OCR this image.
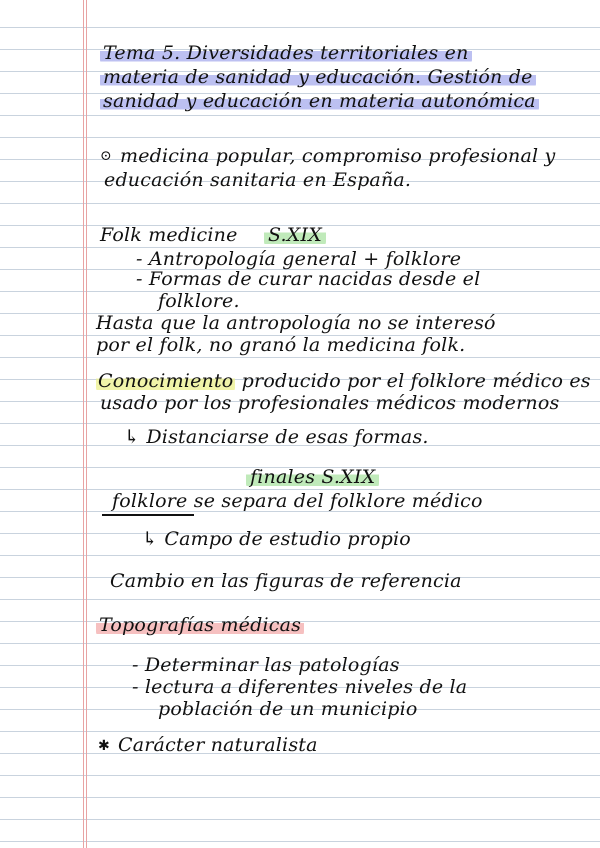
Tema 5. Diversidades territoriales en
materia de sanidad y educación. Gestión de
sanidad y educación en materia autonómica
⊙ medicina popular, compromiso profesional y
educación sanitaria en España.
Folk medicine S.XIX
- Antropología general + folklore
- Formas de curar nacidas desde el
folklore.
Hasta que la antropología no se interesó
por el folk, no granó la medicina folk.
Conocimiento producido por el folklore médico es
usado por los profesionales médicos modernos
↳ Distanciarse de esas formas.
finales S.XIX
folklore se separa del folklore médico
↳ Campo de estudio propio
Cambio en las figuras de referencia
Topografías médicas
- Determinar las patologías
- lectura a diferentes niveles de la
población de un municipio
✱ Carácter naturalista
